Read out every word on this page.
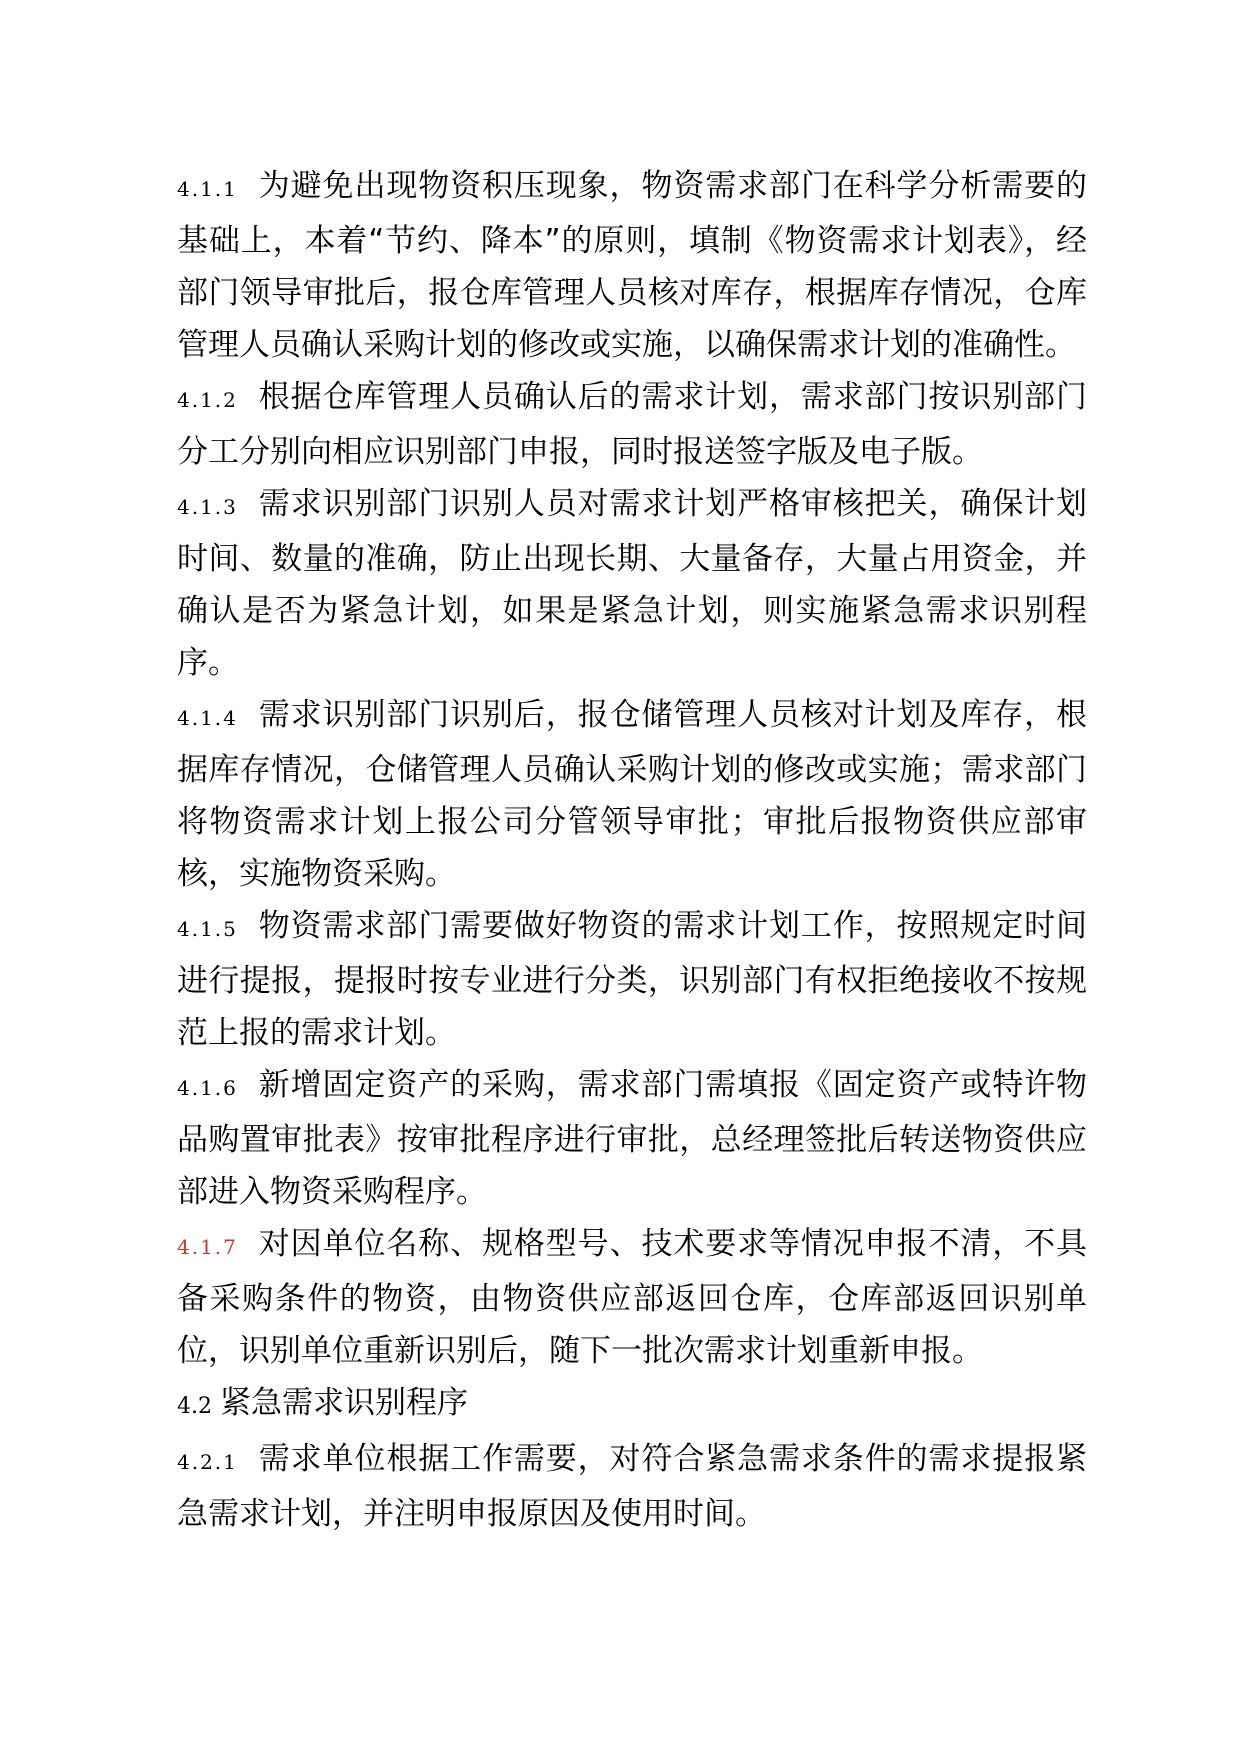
4.1.1 为避免出现物资积压现象，物资需求部门在科学分析需要的基础上，本着“节约、降本”的原则，填制《物资需求计划表》，经部门领导审批后，报仓库管理人员核对库存，根据库存情况，仓库管理人员确认采购计划的修改或实施，以确保需求计划的准确性。

4.1.2 根据仓库管理人员确认后的需求计划，需求部门按识别部门分工分别向相应识别部门申报，同时报送签字版及电子版。

4.1.3 需求识别部门识别人员对需求计划严格审核把关，确保计划时间、数量的准确，防止出现长期、大量备存，大量占用资金，并确认是否为紧急计划，如果是紧急计划，则实施紧急需求识别程序。

4.1.4 需求识别部门识别后，报仓储管理人员核对计划及库存，根据库存情况，仓储管理人员确认采购计划的修改或实施；需求部门将物资需求计划上报公司分管领导审批；审批后报物资供应部审核，实施物资采购。

4.1.5 物资需求部门需要做好物资的需求计划工作，按照规定时间进行提报，提报时按专业进行分类，识别部门有权拒绝接收不按规范上报的需求计划。

4.1.6 新增固定资产的采购，需求部门需填报《固定资产或特许物品购置审批表》按审批程序进行审批，总经理签批后转送物资供应部进入物资采购程序。

4.1.7 对因单位名称、规格型号、技术要求等情况申报不清，不具备采购条件的物资，由物资供应部返回仓库，仓库部返回识别单位，识别单位重新识别后，随下一批次需求计划重新申报。

4.2 紧急需求识别程序

4.2.1 需求单位根据工作需要，对符合紧急需求条件的需求提报紧急需求计划，并注明申报原因及使用时间。
